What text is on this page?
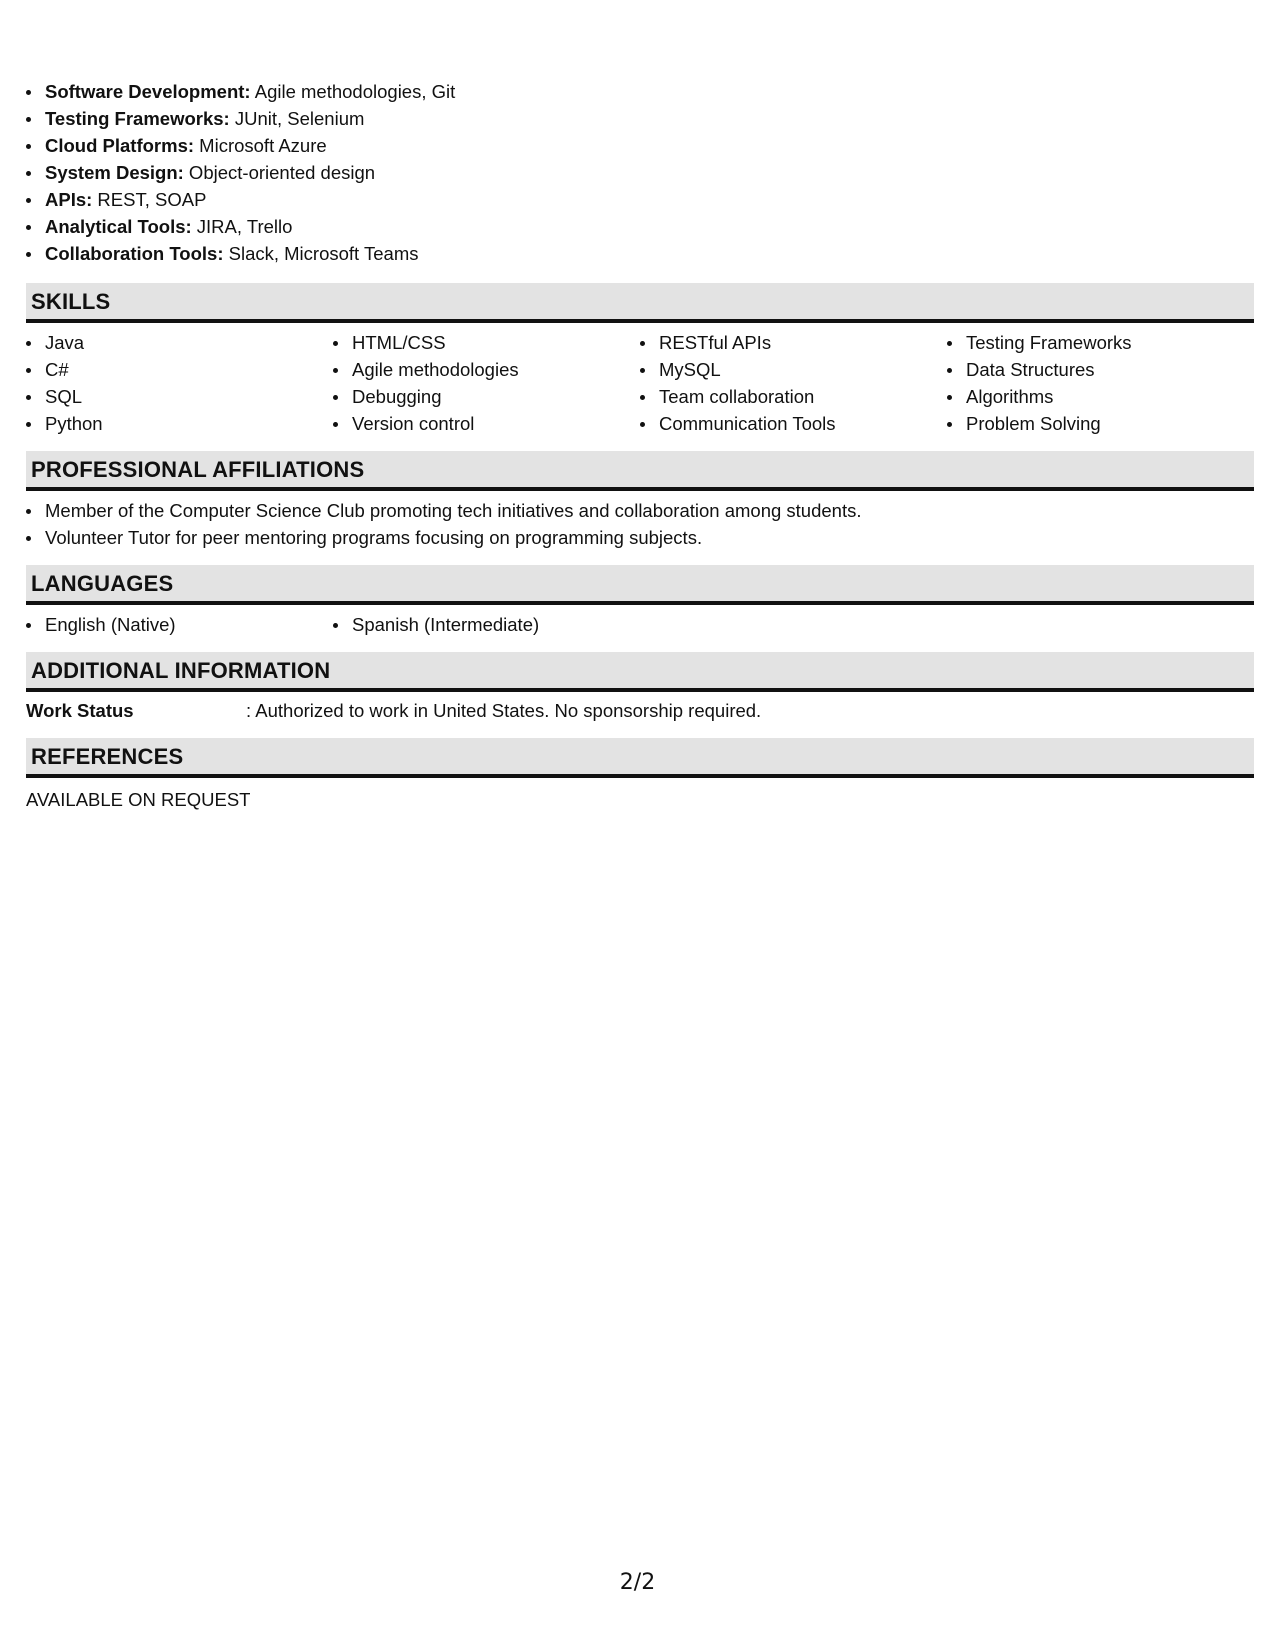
Software Development: Agile methodologies, Git
Testing Frameworks: JUnit, Selenium
Cloud Platforms: Microsoft Azure
System Design: Object-oriented design
APIs: REST, SOAP
Analytical Tools: JIRA, Trello
Collaboration Tools: Slack, Microsoft Teams
SKILLS
Java
C#
SQL
Python
HTML/CSS
Agile methodologies
Debugging
Version control
RESTful APIs
MySQL
Team collaboration
Communication Tools
Testing Frameworks
Data Structures
Algorithms
Problem Solving
PROFESSIONAL AFFILIATIONS
Member of the Computer Science Club promoting tech initiatives and collaboration among students.
Volunteer Tutor for peer mentoring programs focusing on programming subjects.
LANGUAGES
English (Native)	Spanish (Intermediate)
ADDITIONAL INFORMATION
Work Status	: Authorized to work in United States. No sponsorship required.
REFERENCES
AVAILABLE ON REQUEST
2/2
